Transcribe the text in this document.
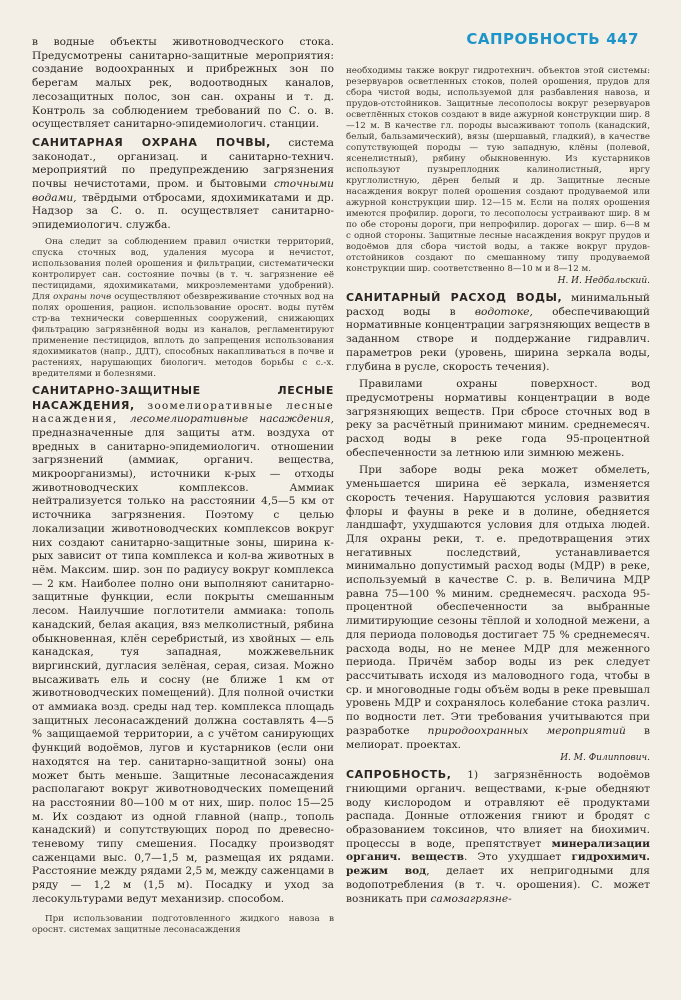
САПРОБНОСТЬ 447

в водные объекты животноводческого стока. Предусмотрены санитарно-защитные мероприятия: создание водоохранных и прибрежных зон по берегам малых рек, водоотводных каналов, лесозащитных полос, зон сан. охраны и т. д. Контроль за соблюдением требований по С. о. в. осуществляет санитарно-эпидемиологич. станции.

САНИТАРНАЯ ОХРАНА ПОЧВЫ, система законодат., организац. и санитарно-технич. мероприятий по предупреждению загрязнения почвы нечистотами, пром. и бытовыми сточными водами, твёрдыми отбросами, ядохимикатами и др. Надзор за С. о. п. осуществляет санитарно-эпидемиологич. служба.

Она следит за соблюдением правил очистки территорий, спуска сточных вод, удаления мусора и нечистот, использования полей орошения и фильтрации, систематически контролирует сан. состояние почвы (в т. ч. загрязнение её пестицидами, ядохимикатами, микроэлементами удобрений). Для охраны почв осуществляют обезвреживание сточных вод на полях орошения, рацион. использование ороснт. воды путём стр-ва технически совершенных сооружений, снижающих фильтрацию загрязнённой воды из каналов, регламентируют применение пестицидов, вплоть до запрещения использования ядохимикатов (напр., ДДТ), способных накапливаться в почве и растениях, нарушающих биологич. методов борьбы с с.-х. вредителями и болезнями.

САНИТАРНО-ЗАЩИТНЫЕ ЛЕСНЫЕ НАСАЖДЕНИЯ, зоомелиоративные лесные насаждения, лесомелиоративные насаждения, предназначенные для защиты атм. воздуха от вредных в санитарно-эпидемиологич. отношении загрязнений (аммиак, органич. вещества, микроорганизмы), источники к-рых — отходы животноводческих комплексов. Аммиак нейтрализуется только на расстоянии 4,5—5 км от источника загрязнения. Поэтому с целью локализации животноводческих комплексов вокруг них создают санитарно-защитные зоны, ширина к-рых зависит от типа комплекса и кол-ва животных в нём. Максим. шир. зон по радиусу вокруг комплекса — 2 км. Наиболее полно они выполняют санитарно-защитные функции, если покрыты смешанным лесом. Наилучшие поглотители аммиака: тополь канадский, белая акация, вяз мелколистный, рябина обыкновенная, клён серебристый, из хвойных — ель канадская, туя западная, можжевельник виргинский, дугласия зелёная, серая, сизая. Можно высаживать ель и сосну (не ближе 1 км от животноводческих помещений). Для полной очистки от аммиака возд. среды над тер. комплекса площадь защитных лесонасаждений должна составлять 4—5 % защищаемой территории, а с учётом санирующих функций водоёмов, лугов и кустарников (если они находятся на тер. санитарно-защитной зоны) она может быть меньше. Защитные лесонасаждения располагают вокруг животноводческих помещений на расстоянии 80—100 м от них, шир. полос 15—25 м. Их создают из одной главной (напр., тополь канадский) и сопутствующих пород по древесно-теневому типу смешения. Посадку производят саженцами выс. 0,7—1,5 м, размещая их рядами. Расстояние между рядами 2,5 м, между саженцами в ряду — 1,2 м (1,5 м). Посадку и уход за лесокультурами ведут механизир. способом.

При использовании подготовленного жидкого навоза в ороснт. системах защитные лесонасаждения

необходимы также вокруг гидротехнич. объектов этой системы: резервуаров осветленных стоков, полей орошения, прудов для сбора чистой воды, используемой для разбавления навоза, и прудов-отстойников. Защитные лесополосы вокруг резервуаров осветлённых стоков создают в виде ажурной конструкции шир. 8—12 м. В качестве гл. породы высаживают тополь (канадский, белый, бальзамический), вязы (шершавый, гладкий), в качестве сопутствующей породы — тую западную, клёны (полевой, ясенелистный), рябину обыкновенную. Из кустарников используют пузыреплодник калинолистный, иргу круглолистную, дёрен белый и др. Защитные лесные насаждения вокруг полей орошения создают продуваемой или ажурной конструкции шир. 12—15 м. Если на полях орошения имеются профилир. дороги, то лесополосы устраивают шир. 8 м по обе стороны дороги, при непрофилир. дорогах — шир. 6—8 м с одной стороны. Защитные лесные насаждения вокруг прудов и водоёмов для сбора чистой воды, а также вокруг прудов-отстойников создают по смешанному типу продуваемой конструкции шир. соответственно 8—10 м и 8—12 м.

Н. И. Недбальский.

САНИТАРНЫЙ РАСХОД ВОДЫ, минимальный расход воды в водотоке, обеспечивающий нормативные концентрации загрязняющих веществ в заданном створе и поддержание гидравлич. параметров реки (уровень, ширина зеркала воды, глубина в русле, скорость течения).

Правилами охраны поверхност. вод предусмотрены нормативы концентрации в воде загрязняющих веществ. При сбросе сточных вод в реку за расчётный принимают миним. среднемесяч. расход воды в реке года 95-процентной обеспеченности за летнюю или зимнюю межень.

При заборе воды река может обмелеть, уменьшается ширина её зеркала, изменяется скорость течения. Нарушаются условия развития флоры и фауны в реке и в долине, обедняется ландшафт, ухудшаются условия для отдыха людей. Для охраны реки, т. е. предотвращения этих негативных последствий, устанавливается минимально допустимый расход воды (МДР) в реке, используемый в качестве С. р. в. Величина МДР равна 75—100 % миним. среднемесяч. расхода 95-процентной обеспеченности за выбранные лимитирующие сезоны тёплой и холодной межени, а для периода половодья достигает 75 % среднемесяч. расхода воды, но не менее МДР для меженного периода. Причём забор воды из рек следует рассчитывать исходя из маловодного года, чтобы в ср. и многоводные годы объём воды в реке превышал уровень МДР и сохранялось колебание стока различ. по водности лет. Эти требования учитываются при разработке природоохранных мероприятий в мелиорат. проектах.

И. М. Филиппович.

САПРОБНОСТЬ, 1) загрязнённость водоёмов гниющими органич. веществами, к-рые обедняют воду кислородом и отравляют её продуктами распада. Донные отложения гниют и бродят с образованием токсинов, что влияет на биохимич. процессы в воде, препятствует минерализации органич. веществ. Это ухудшает гидрохимич. режим вод, делает их непригодными для водопотребления (в т. ч. орошения). С. может возникать при самозагрязне-
